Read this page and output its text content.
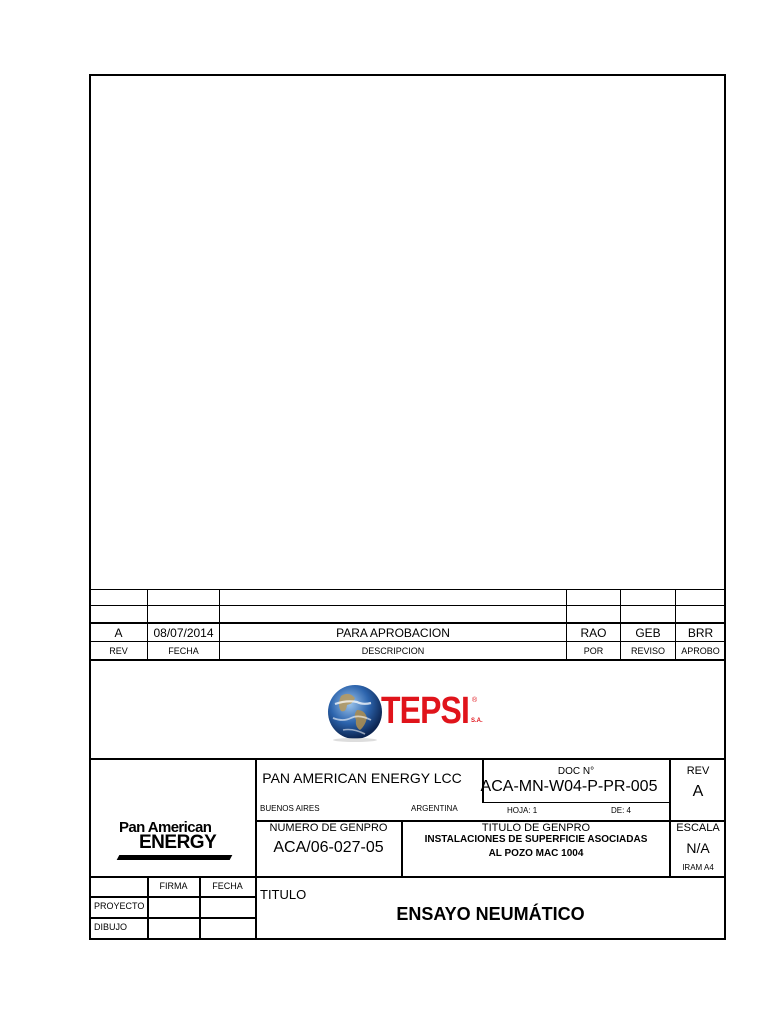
A	08/07/2014	PARA APROBACION	RAO	GEB	BRR
REV	FECHA	DESCRIPCION	POR	REVISO	APROBO
TEPSI ®
S.A.
Pan American
ENERGY
PAN AMERICAN ENERGY LCC
BUENOS AIRES	ARGENTINA
DOC N°
ACA-MN-W04-P-PR-005
HOJA: 1	DE: 4
REV
A
NUMERO DE GENPRO
ACA/06-027-05
TITULO DE GENPRO
INSTALACIONES DE SUPERFICIE ASOCIADAS
AL POZO MAC 1004
ESCALA
N/A
IRAM A4
FIRMA	FECHA
PROYECTO
DIBUJO
TITULO
ENSAYO NEUMÁTICO
